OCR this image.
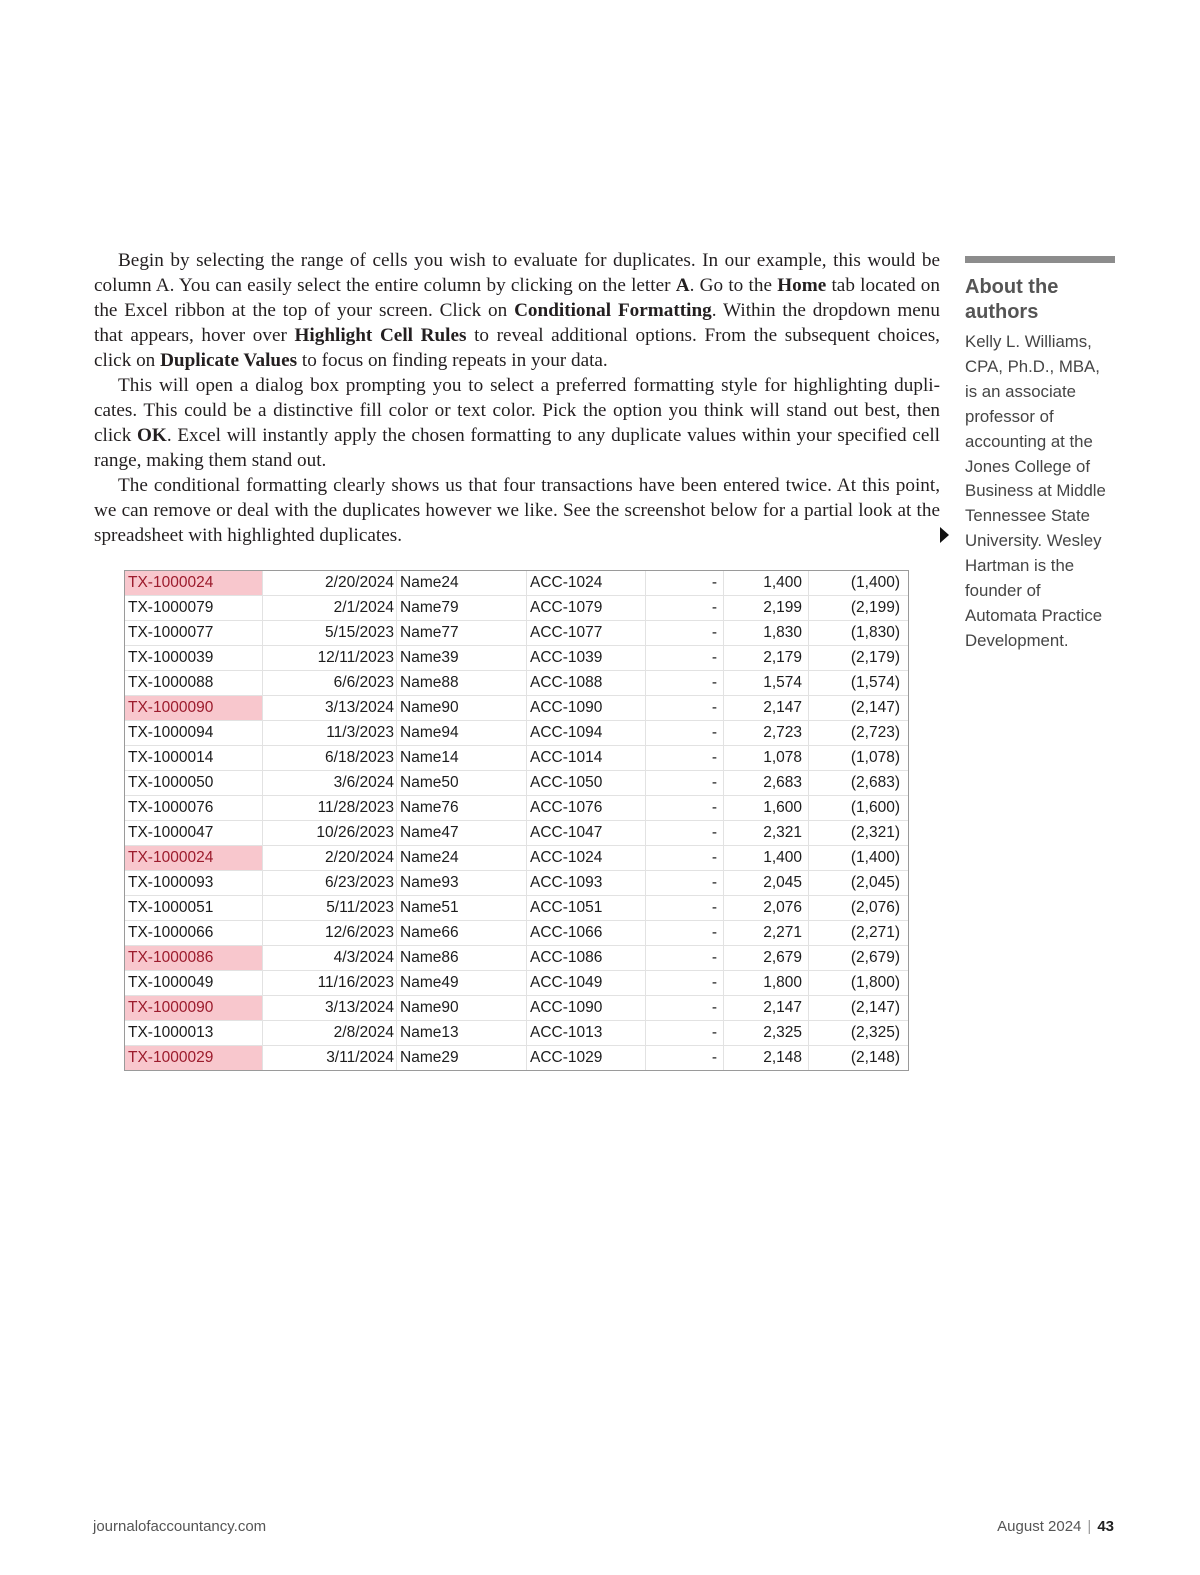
Begin by selecting the range of cells you wish to evaluate for duplicates. In our example, this would be column A. You can easily select the entire column by clicking on the letter A. Go to the Home tab located on the Excel ribbon at the top of your screen. Click on Conditional Formatting. Within the dropdown menu that appears, hover over Highlight Cell Rules to reveal additional options. From the subsequent choices, click on Duplicate Values to focus on finding repeats in your data.

This will open a dialog box prompting you to select a preferred formatting style for highlighting duplicates. This could be a distinctive fill color or text color. Pick the option you think will stand out best, then click OK. Excel will instantly apply the chosen formatting to any duplicate values within your specified cell range, making them stand out.

The conditional formatting clearly shows us that four transactions have been entered twice. At this point, we can remove or deal with the duplicates however we like. See the screenshot below for a partial look at the spreadsheet with highlighted duplicates.

About the authors

Kelly L. Williams, CPA, Ph.D., MBA, is an associate professor of accounting at the Jones College of Business at Middle Tennessee State University. Wesley Hartman is the founder of Automata Practice Development.

TX-1000024	2/20/2024	Name24	ACC-1024	-	1,400	(1,400)
TX-1000079	2/1/2024	Name79	ACC-1079	-	2,199	(2,199)
TX-1000077	5/15/2023	Name77	ACC-1077	-	1,830	(1,830)
TX-1000039	12/11/2023	Name39	ACC-1039	-	2,179	(2,179)
TX-1000088	6/6/2023	Name88	ACC-1088	-	1,574	(1,574)
TX-1000090	3/13/2024	Name90	ACC-1090	-	2,147	(2,147)
TX-1000094	11/3/2023	Name94	ACC-1094	-	2,723	(2,723)
TX-1000014	6/18/2023	Name14	ACC-1014	-	1,078	(1,078)
TX-1000050	3/6/2024	Name50	ACC-1050	-	2,683	(2,683)
TX-1000076	11/28/2023	Name76	ACC-1076	-	1,600	(1,600)
TX-1000047	10/26/2023	Name47	ACC-1047	-	2,321	(2,321)
TX-1000024	2/20/2024	Name24	ACC-1024	-	1,400	(1,400)
TX-1000093	6/23/2023	Name93	ACC-1093	-	2,045	(2,045)
TX-1000051	5/11/2023	Name51	ACC-1051	-	2,076	(2,076)
TX-1000066	12/6/2023	Name66	ACC-1066	-	2,271	(2,271)
TX-1000086	4/3/2024	Name86	ACC-1086	-	2,679	(2,679)
TX-1000049	11/16/2023	Name49	ACC-1049	-	1,800	(1,800)
TX-1000090	3/13/2024	Name90	ACC-1090	-	2,147	(2,147)
TX-1000013	2/8/2024	Name13	ACC-1013	-	2,325	(2,325)
TX-1000029	3/11/2024	Name29	ACC-1029	-	2,148	(2,148)
journalofaccountancy.com	August 2024 | 43
